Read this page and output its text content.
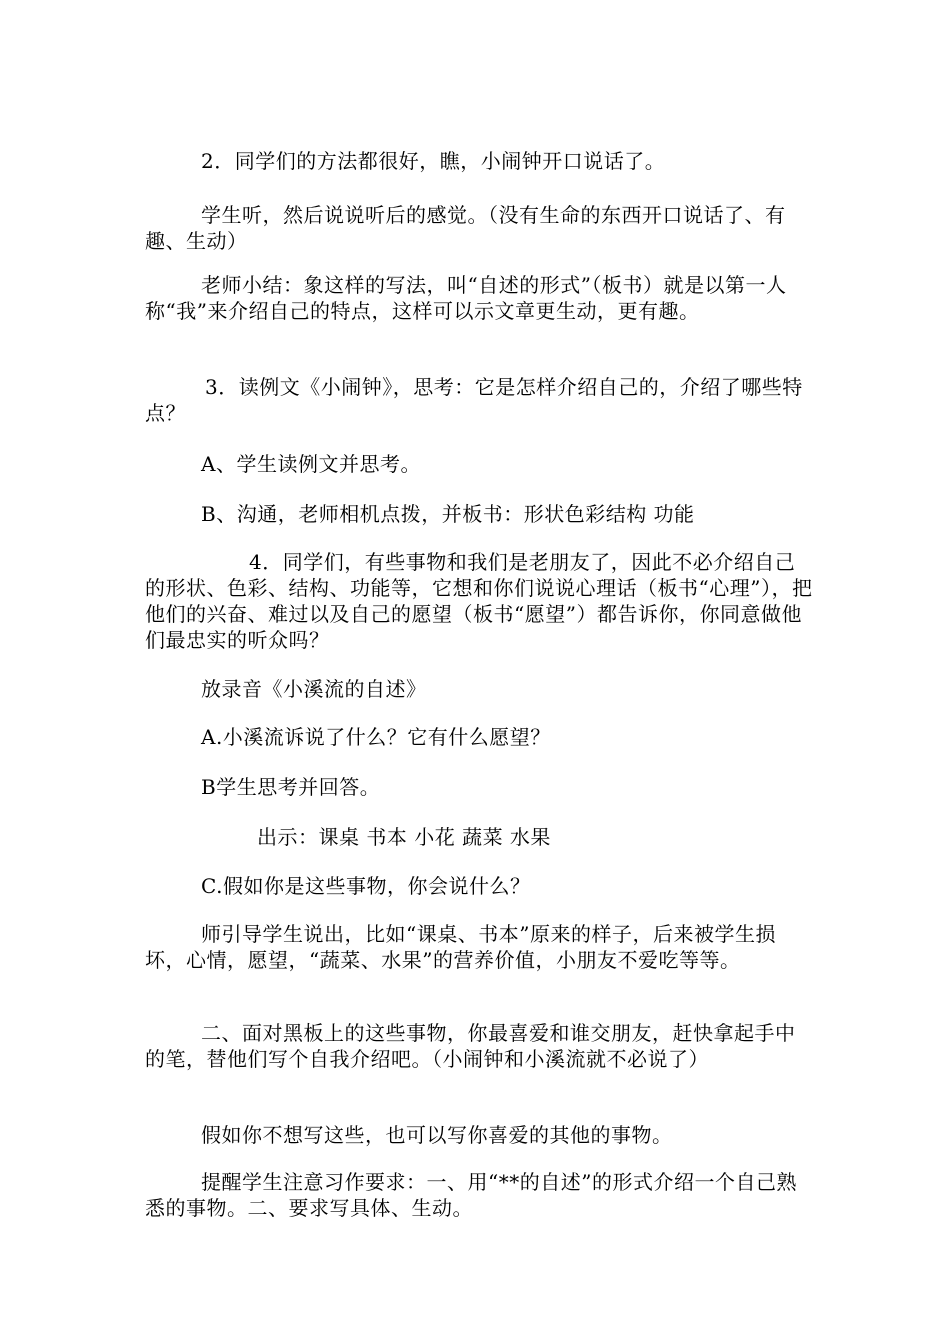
2．同学们的方法都很好，瞧，小闹钟开口说话了。

学生听，然后说说听后的感觉。（没有生命的东西开口说话了、有趣、生动）

老师小结：象这样的写法，叫“自述的形式”（板书）就是以第一人称“我”来介绍自己的特点，这样可以示文章更生动，更有趣。

3．读例文《小闹钟》，思考：它是怎样介绍自己的，介绍了哪些特点？

A、学生读例文并思考。

B、沟通，老师相机点拨，并板书：形状色彩结构 功能

4．同学们，有些事物和我们是老朋友了，因此不必介绍自己的形状、色彩、结构、功能等，它想和你们说说心理话（板书“心理”），把他们的兴奋、难过以及自己的愿望（板书“愿望”）都告诉你，你同意做他们最忠实的听众吗？

放录音《小溪流的自述》

A.小溪流诉说了什么？它有什么愿望？

B学生思考并回答。

出示：课桌 书本 小花 蔬菜 水果

C.假如你是这些事物，你会说什么？

师引导学生说出，比如“课桌、书本”原来的样子，后来被学生损坏，心情，愿望，“蔬菜、水果”的营养价值，小朋友不爱吃等等。

二、面对黑板上的这些事物，你最喜爱和谁交朋友，赶快拿起手中的笔，替他们写个自我介绍吧。（小闹钟和小溪流就不必说了）

假如你不想写这些，也可以写你喜爱的其他的事物。

提醒学生注意习作要求：一、用“**的自述”的形式介绍一个自己熟悉的事物。二、要求写具体、生动。
